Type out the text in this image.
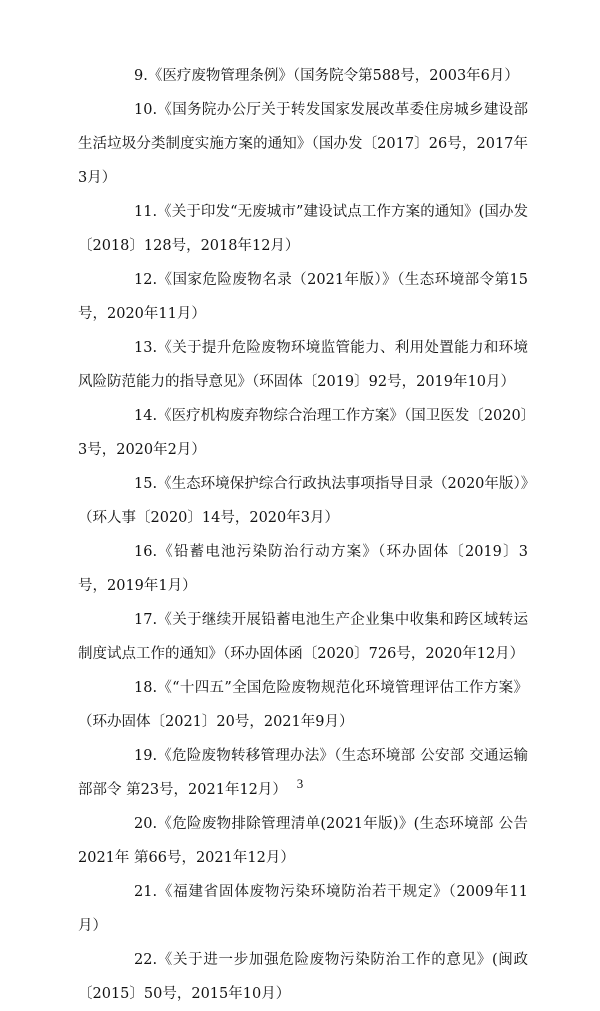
9.《医疗废物管理条例》（国务院令第588号，2003年6月）

10.《国务院办公厅关于转发国家发展改革委住房城乡建设部生活垃圾分类制度实施方案的通知》（国办发〔2017〕26号，2017年3月）

11.《关于印发“无废城市”建设试点工作方案的通知》(国办发〔2018〕128号，2018年12月）

12.《国家危险废物名录（2021年版）》（生态环境部令第15号，2020年11月）

13.《关于提升危险废物环境监管能力、利用处置能力和环境风险防范能力的指导意见》（环固体〔2019〕92号，2019年10月）

14.《医疗机构废弃物综合治理工作方案》（国卫医发〔2020〕3号，2020年2月）

15.《生态环境保护综合行政执法事项指导目录（2020年版）》（环人事〔2020〕14号，2020年3月）

16.《铅蓄电池污染防治行动方案》（环办固体〔2019〕3号，2019年1月）

17.《关于继续开展铅蓄电池生产企业集中收集和跨区域转运制度试点工作的通知》（环办固体函〔2020〕726号，2020年12月）

18.《“十四五”全国危险废物规范化环境管理评估工作方案》（环办固体〔2021〕20号，2021年9月）

19.《危险废物转移管理办法》（生态环境部 公安部 交通运输部部令 第23号，2021年12月）

20.《危险废物排除管理清单(2021年版)》(生态环境部 公告 2021年 第66号，2021年12月）

21.《福建省固体废物污染环境防治若干规定》（2009年11月）

22.《关于进一步加强危险废物污染防治工作的意见》(闽政〔2015〕50号，2015年10月）

3
